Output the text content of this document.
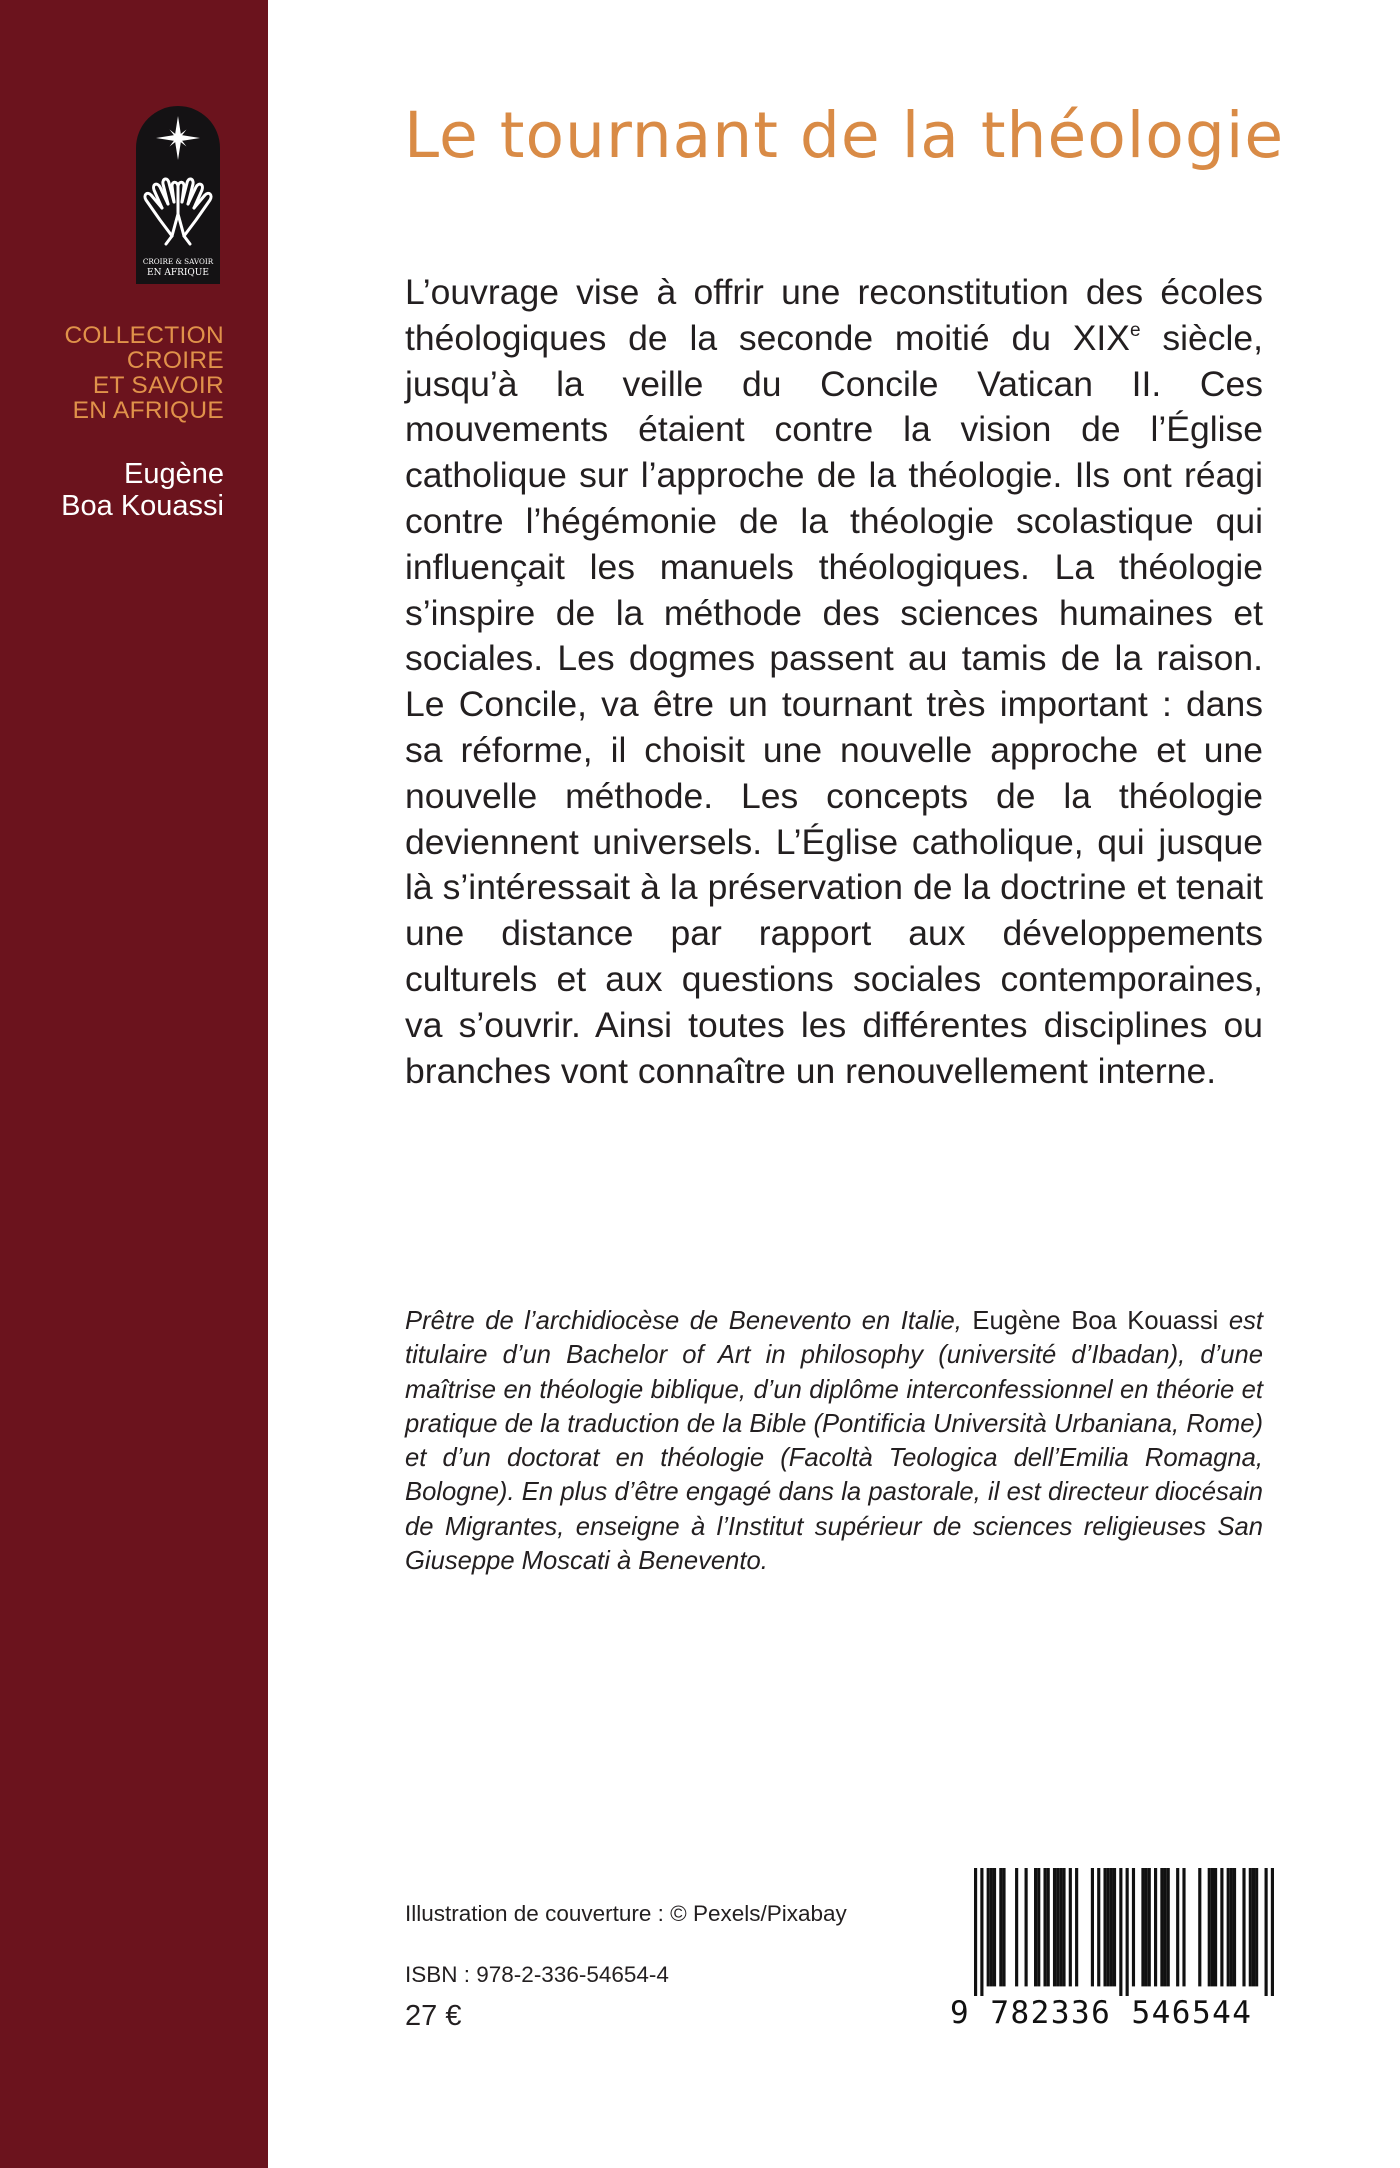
CROIRE & SAVOIR
EN AFRIQUE
COLLECTION
CROIRE
ET SAVOIR
EN AFRIQUE
Eugène
Boa Kouassi
Le tournant de la théologie

L’ouvrage vise à offrir une reconstitution des écoles théologiques de la seconde moitié du XIXe siècle, jusqu’à la veille du Concile Vatican II. Ces mouvements étaient contre la vision de l’Église catholique sur l’approche de la théologie. Ils ont réagi contre l’hégémonie de la théologie scolastique qui influençait les manuels théologiques. La théologie s’inspire de la méthode des sciences humaines et sociales. Les dogmes passent au tamis de la raison. Le Concile, va être un tournant très important : dans sa réforme, il choisit une nouvelle approche et une nouvelle méthode. Les concepts de la théologie deviennent universels. L’Église catholique, qui jusque là s’intéressait à la préservation de la doctrine et tenait une distance par rapport aux développements culturels et aux questions sociales contemporaines, va s’ouvrir. Ainsi toutes les différentes disciplines ou branches vont connaître un renouvellement interne.

Prêtre de l’archidiocèse de Benevento en Italie, Eugène Boa Kouassi est titulaire d’un Bachelor of Art in philosophy (université d’Ibadan), d’une maîtrise en théologie biblique, d’un diplôme interconfessionnel en théorie et pratique de la traduction de la Bible (Pontificia Università Urbaniana, Rome) et d’un doctorat en théologie (Facoltà Teologica dell’Emilia Romagna, Bologne). En plus d’être engagé dans la pastorale, il est directeur diocésain de Migrantes, enseigne à l’Institut supérieur de sciences religieuses San Giuseppe Moscati à Benevento.

Illustration de couverture : © Pexels/Pixabay
ISBN : 978-2-336-54654-4
27 €	9 782336 546544
